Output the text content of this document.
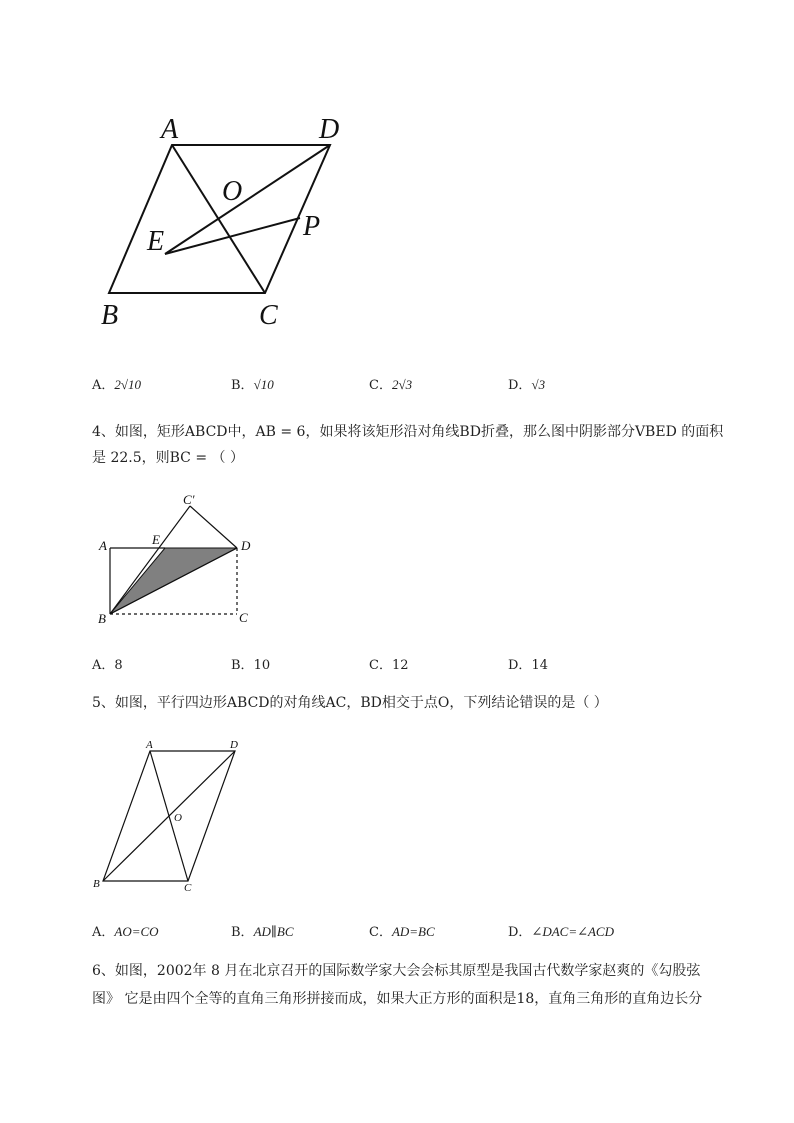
A	D
O
E	P
B	C
A．2√10	B．√10	C．2√3	D．√3
4、如图，矩形ABCD中，AB = 6，如果将该矩形沿对角线BD折叠，那么图中阴影部分VBED 的面积
是 22.5，则BC = （ ）
C′
A	E	D
B	C
A．8	B．10	C．12	D．14
5、如图，平行四边形ABCD的对角线AC，BD相交于点O，下列结论错误的是（ ）
A	D
O
B	C
A．AO=CO	B．AD∥BC	C．AD=BC	D．∠DAC=∠ACD
6、如图，2002年 8 月在北京召开的国际数学家大会会标其原型是我国古代数学家赵爽的《勾股弦
图》 它是由四个全等的直角三角形拼接而成，如果大正方形的面积是18，直角三角形的直角边长分
